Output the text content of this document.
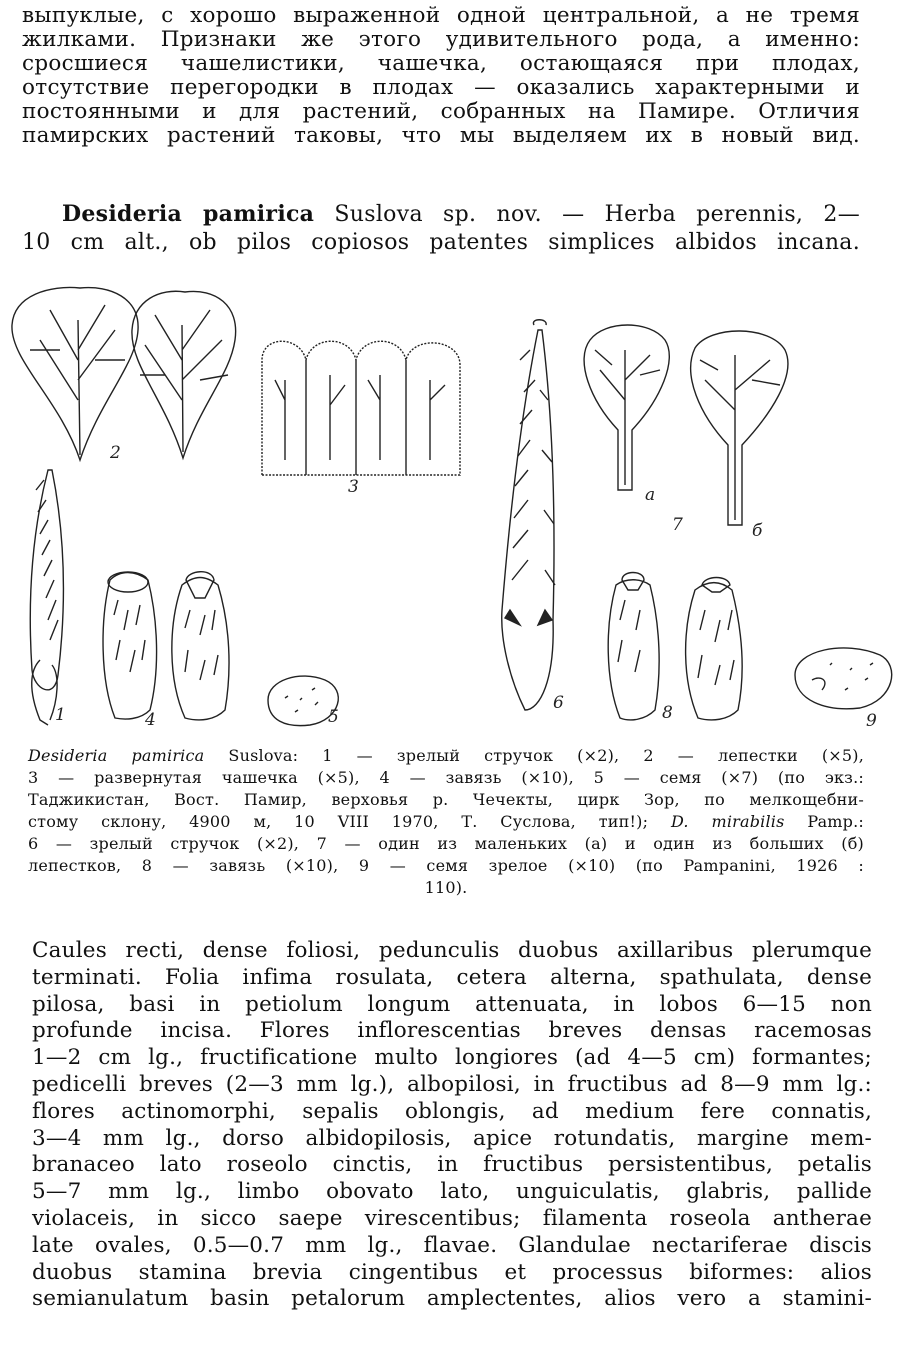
выпуклые, с хорошо выраженной одной центральной, а не тремя
жилками. Признаки же этого удивительного рода, а именно:
сросшиеся чашелистики, чашечка, остающаяся при плодах,
отсутствие перегородки в плодах — оказались характерными и
постоянными и для растений, собранных на Памире. Отличия
памирских растений таковы, что мы выделяем их в новый вид.
Desideria pamirica Suslova sp. nov. — Herba perennis, 2—
10 cm alt., ob pilos copiosos patentes simplices albidos incana.
2
3
1	4	5
6
а
7	б
8	9
Desideria pamirica Suslova: 1 — зрелый стручок (×2), 2 — лепестки (×5),
3 — развернутая чашечка (×5), 4 — завязь (×10), 5 — семя (×7) (по экз.:
Таджикистан, Вост. Памир, верховья р. Чечекты, цирк Зор, по мелкощебни-
стому склону, 4900 м, 10 VIII 1970, Т. Суслова, тип!); D. mirabilis Pamp.:
6 — зрелый стручок (×2), 7 — один из маленьких (а) и один из больших (б)
лепестков, 8 — завязь (×10), 9 — семя зрелое (×10) (по Pampanini, 1926 :
110).
Caules recti, dense foliosi, pedunculis duobus axillaribus plerumque
terminati. Folia infima rosulata, cetera alterna, spathulata, dense
pilosa, basi in petiolum longum attenuata, in lobos 6—15 non
profunde incisa. Flores inflorescentias breves densas racemosas
1—2 cm lg., fructificatione multo longiores (ad 4—5 cm) formantes;
pedicelli breves (2—3 mm lg.), albopilosi, in fructibus ad 8—9 mm lg.:
flores actinomorphi, sepalis oblongis, ad medium fere connatis,
3—4 mm lg., dorso albidopilosis, apice rotundatis, margine mem-
branaceo lato roseolo cinctis, in fructibus persistentibus, petalis
5—7 mm lg., limbo obovato lato, unguiculatis, glabris, pallide
violaceis, in sicco saepe virescentibus; filamenta roseola antherae
late ovales, 0.5—0.7 mm lg., flavae. Glandulae nectariferae discis
duobus stamina brevia cingentibus et processus biformes: alios
semianulatum basin petalorum amplectentes, alios vero a stamini-
